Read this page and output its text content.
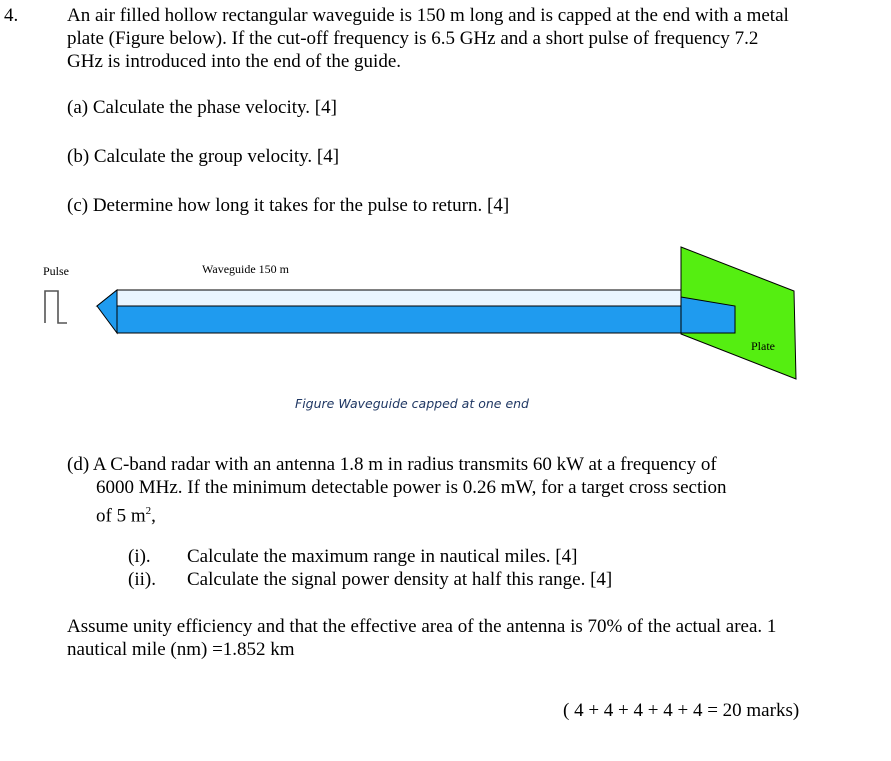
4.	An air filled hollow rectangular waveguide is 150 m long and is capped at the end with a metal
plate (Figure below). If the cut-off frequency is 6.5 GHz and a short pulse of frequency 7.2
GHz is introduced into the end of the guide.
(a) Calculate the phase velocity. [4]
(b) Calculate the group velocity. [4]
(c) Determine how long it takes for the pulse to return. [4]
Pulse	Waveguide 150 m
Plate
Figure Waveguide capped at one end
(d) A C-band radar with an antenna 1.8 m in radius transmits 60 kW at a frequency of
6000 MHz. If the minimum detectable power is 0.26 mW, for a target cross section
of 5 $m^2$,
(i). Calculate the maximum range in nautical miles. [4]
(ii). Calculate the signal power density at half this range. [4]
Assume unity efficiency and that the effective area of the antenna is 70% of the actual area. 1
nautical mile (nm) =1.852 km
( 4 + 4 + 4 + 4 + 4 = 20 marks)
